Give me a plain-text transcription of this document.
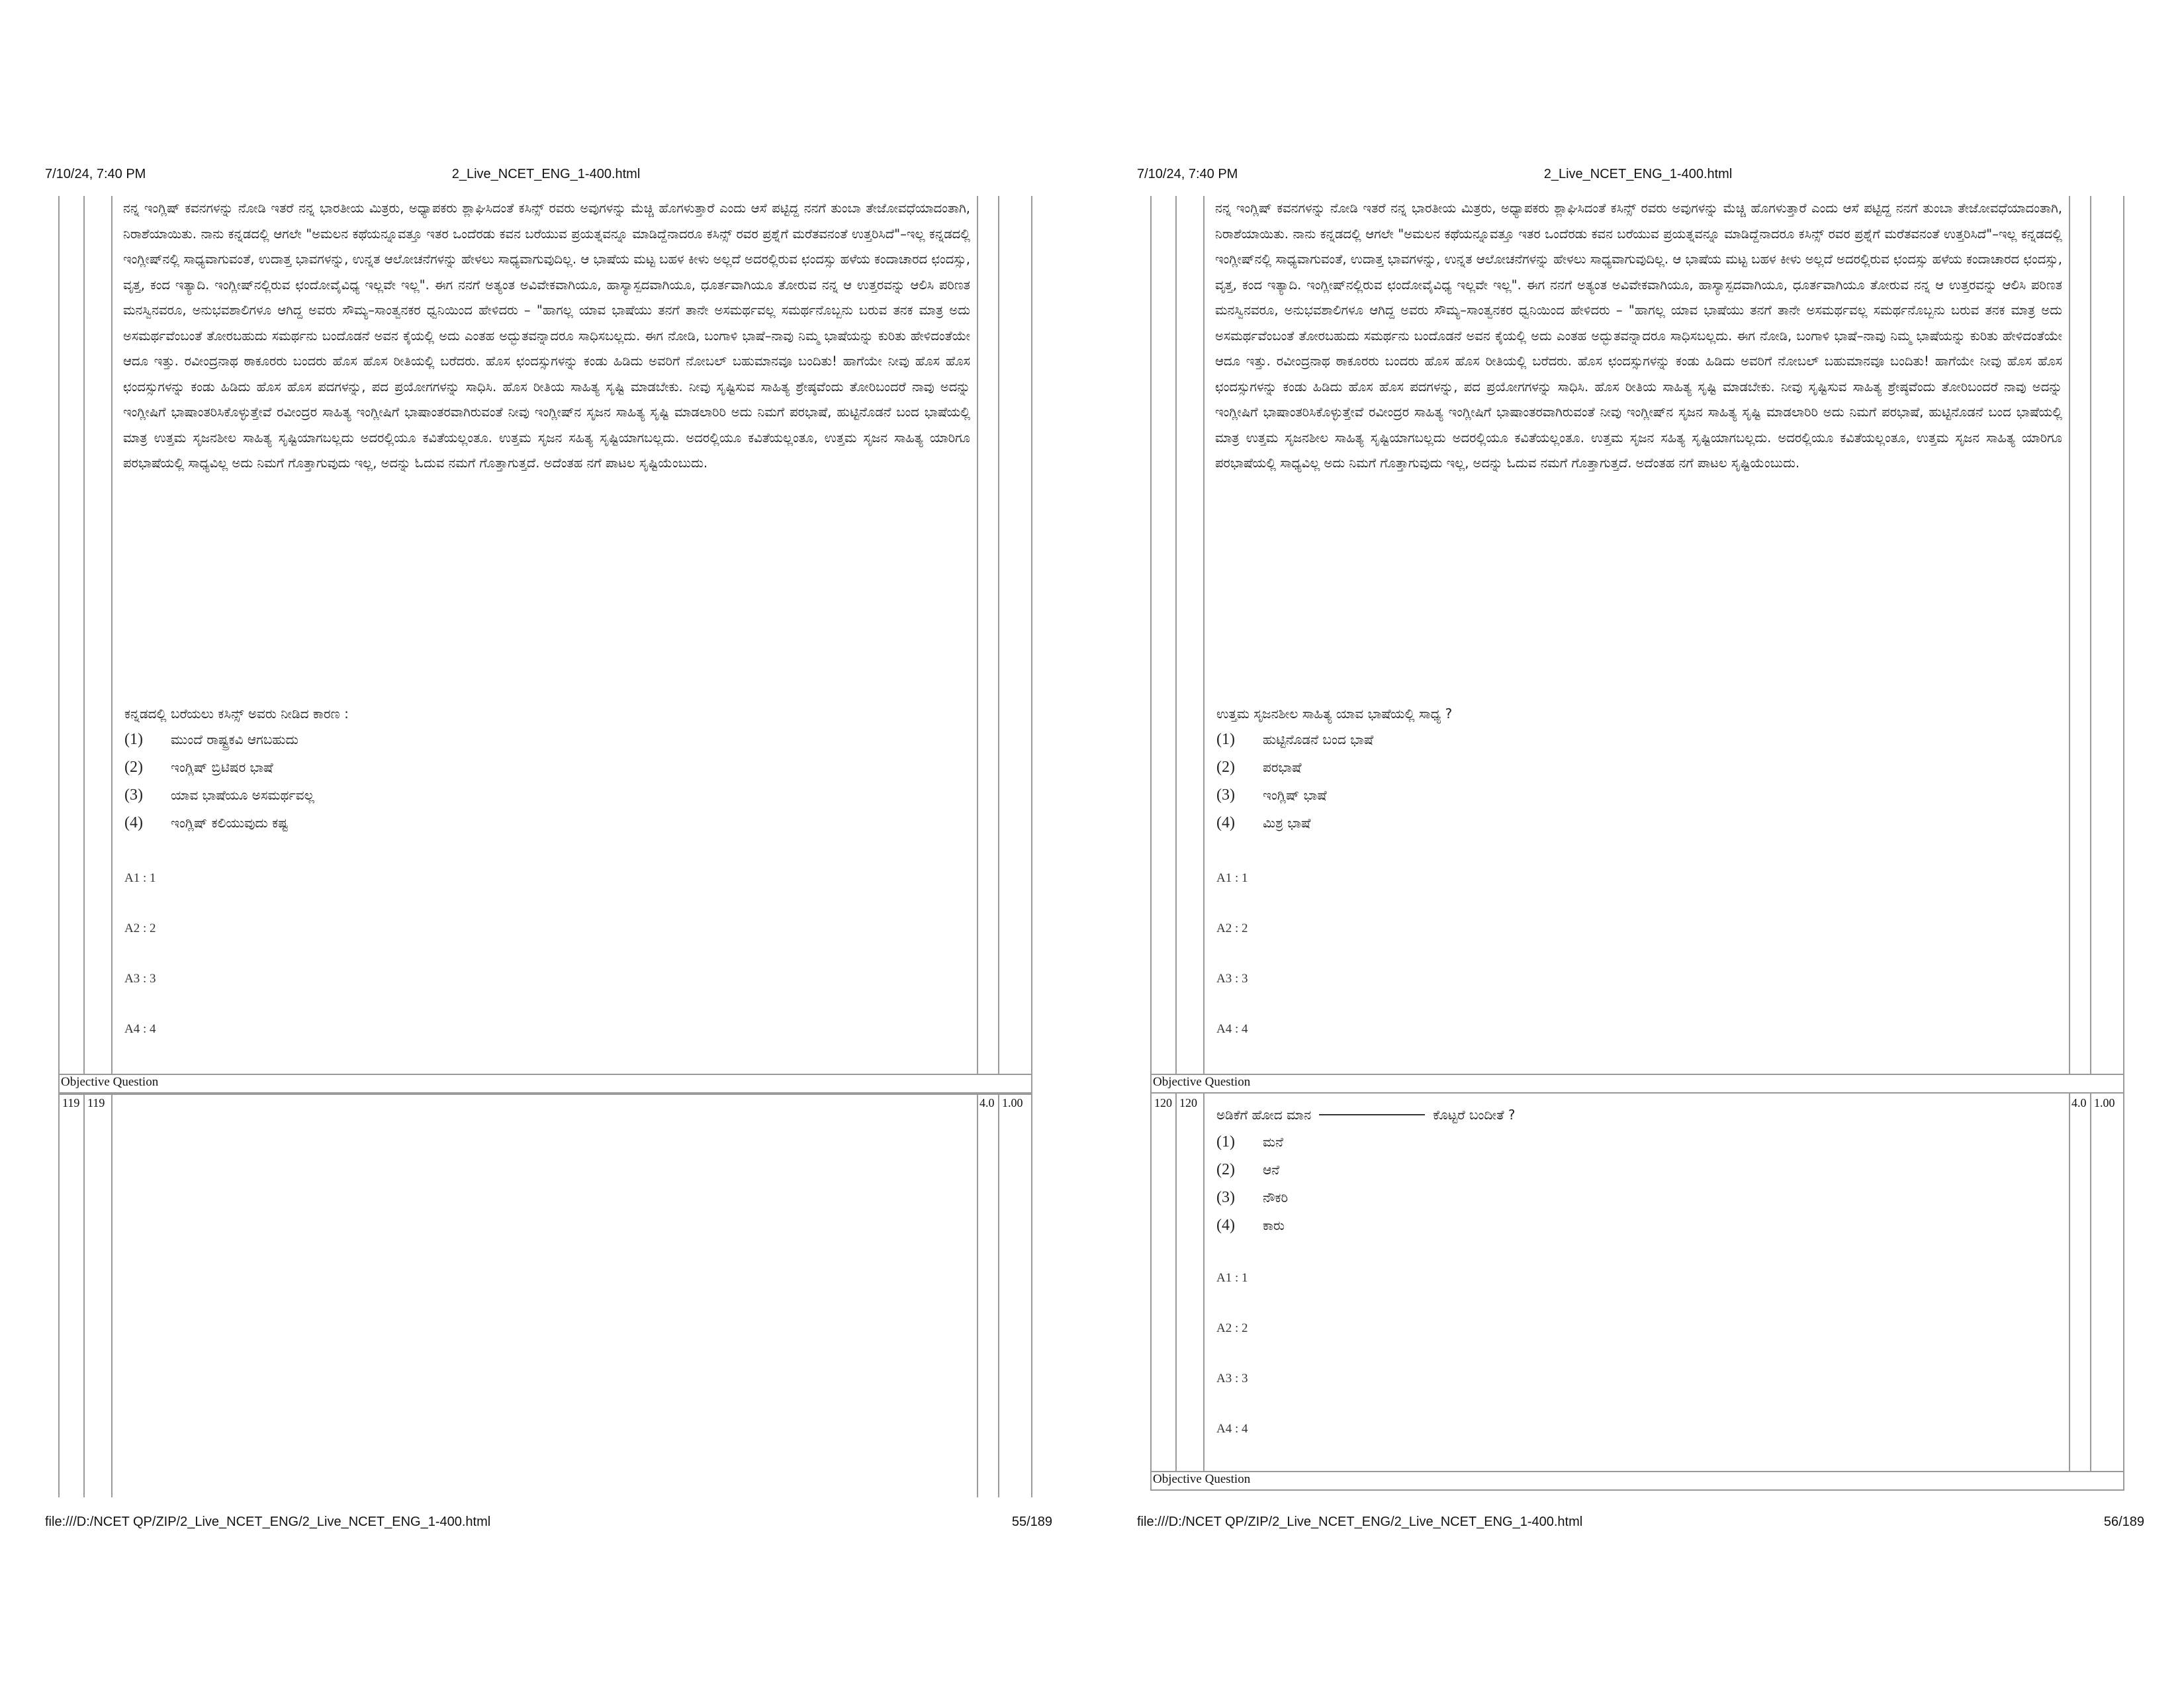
7/10/24, 7:40 PM	2_Live_NCET_ENG_1-400.html

ನನ್ನ ಇಂಗ್ಲಿಷ್ ಕವನಗಳನ್ನು ನೋಡಿ ಇತರೆ ನನ್ನ ಭಾರತೀಯ ಮಿತ್ರರು, ಅಧ್ಯಾಪಕರು ಶ್ಲಾಘಿಸಿದಂತೆ ಕಸಿನ್ಸ್ ರವರು ಅವುಗಳನ್ನು ಮೆಚ್ಚಿ ಹೊಗಳುತ್ತಾರೆ ಎಂದು ಆಸೆ ಪಟ್ಟಿದ್ದ ನನಗೆ ತುಂಬಾ ತೇಜೋವಧೆಯಾದಂತಾಗಿ, ನಿರಾಶೆಯಾಯಿತು. ನಾನು ಕನ್ನಡದಲ್ಲಿ ಆಗಲೇ "ಅಮಲನ ಕಥೆಯನ್ನೂವತ್ತೂ ಇತರ ಒಂದೆರಡು ಕವನ ಬರೆಯುವ ಪ್ರಯತ್ನವನ್ನೂ ಮಾಡಿದ್ದೆನಾದರೂ ಕಸಿನ್ಸ್ ರವರ ಪ್ರಶ್ನೆಗೆ ಮರೆತವನಂತೆ ಉತ್ತರಿಸಿದೆ"–ಇಲ್ಲ ಕನ್ನಡದಲ್ಲಿ ಇಂಗ್ಲೀಷ್‌ನಲ್ಲಿ ಸಾಧ್ಯವಾಗುವಂತೆ, ಉದಾತ್ತ ಭಾವಗಳನ್ನು, ಉನ್ನತ ಆಲೋಚನೆಗಳನ್ನು ಹೇಳಲು ಸಾಧ್ಯವಾಗುವುದಿಲ್ಲ. ಆ ಭಾಷೆಯ ಮಟ್ಟ ಬಹಳ ಕೀಳು ಅಲ್ಲದೆ ಅದರಲ್ಲಿರುವ ಛಂದಸ್ಸು ಹಳೆಯ ಕಂದಾಚಾರದ ಛಂದಸ್ಸು, ವೃತ್ತ, ಕಂದ ಇತ್ಯಾದಿ. ಇಂಗ್ಲೀಷ್‌ನಲ್ಲಿರುವ ಛಂದೋವೈವಿಧ್ಯ ಇಲ್ಲವೇ ಇಲ್ಲ". ಈಗ ನನಗೆ ಅತ್ಯಂತ ಅವಿವೇಕವಾಗಿಯೂ, ಹಾಸ್ಯಾಸ್ಪದವಾಗಿಯೂ, ಧೂರ್ತವಾಗಿಯೂ ತೋರುವ ನನ್ನ ಆ ಉತ್ತರವನ್ನು ಆಲಿಸಿ ಪರಿಣತ ಮನಸ್ವಿನವರೂ, ಅನುಭವಶಾಲಿಗಳೂ ಆಗಿದ್ದ ಅವರು ಸೌಮ್ಯ–ಸಾಂತ್ವನಕರ ಧ್ವನಿಯಿಂದ ಹೇಳಿದರು – "ಹಾಗಲ್ಲ ಯಾವ ಭಾಷೆಯು ತನಗೆ ತಾನೇ ಅಸಮರ್ಥವಲ್ಲ ಸಮರ್ಥನೊಬ್ಬನು ಬರುವ ತನಕ ಮಾತ್ರ ಅದು ಅಸಮರ್ಥವೆಂಬಂತೆ ತೋರಬಹುದು ಸಮರ್ಥನು ಬಂದೊಡನೆ ಅವನ ಕೈಯಲ್ಲಿ ಅದು ಎಂತಹ ಅದ್ಭುತವನ್ನಾದರೂ ಸಾಧಿಸಬಲ್ಲದು. ಈಗ ನೋಡಿ, ಬಂಗಾಳಿ ಭಾಷೆ–ನಾವು ನಿಮ್ಮ ಭಾಷೆಯನ್ನು ಕುರಿತು ಹೇಳಿದಂತೆಯೇ ಆದೂ ಇತ್ತು. ರವೀಂದ್ರನಾಥ ಠಾಕೂರರು ಬಂದರು ಹೊಸ ಹೊಸ ರೀತಿಯಲ್ಲಿ ಬರೆದರು. ಹೊಸ ಛಂದಸ್ಸುಗಳನ್ನು ಕಂಡು ಹಿಡಿದು ಅವರಿಗೆ ನೋಬಲ್ ಬಹುಮಾನವೂ ಬಂದಿತು! ಹಾಗೆಯೇ ನೀವು ಹೊಸ ಹೊಸ ಛಂದಸ್ಸುಗಳನ್ನು ಕಂಡು ಹಿಡಿದು ಹೊಸ ಹೊಸ ಪದಗಳನ್ನು, ಪದ ಪ್ರಯೋಗಗಳನ್ನು ಸಾಧಿಸಿ. ಹೊಸ ರೀತಿಯ ಸಾಹಿತ್ಯ ಸೃಷ್ಟಿ ಮಾಡಬೇಕು. ನೀವು ಸೃಷ್ಟಿಸುವ ಸಾಹಿತ್ಯ ಶ್ರೇಷ್ಠವೆಂದು ತೋರಿಬಂದರೆ ನಾವು ಅದನ್ನು ಇಂಗ್ಲೀಷಿಗೆ ಭಾಷಾಂತರಿಸಿಕೊಳ್ಳುತ್ತೇವೆ ರವೀಂದ್ರರ ಸಾಹಿತ್ಯ ಇಂಗ್ಲೀಷಿಗೆ ಭಾಷಾಂತರವಾಗಿರುವಂತೆ ನೀವು ಇಂಗ್ಲೀಷ್‌ನ ಸೃಜನ ಸಾಹಿತ್ಯ ಸೃಷ್ಟಿ ಮಾಡಲಾರಿರಿ ಅದು ನಿಮಗೆ ಪರಭಾಷೆ, ಹುಟ್ಟಿನೊಡನೆ ಬಂದ ಭಾಷೆಯಲ್ಲಿ ಮಾತ್ರ ಉತ್ತಮ ಸೃಜನಶೀಲ ಸಾಹಿತ್ಯ ಸೃಷ್ಟಿಯಾಗಬಲ್ಲದು ಅದರಲ್ಲಿಯೂ ಕವಿತೆಯಲ್ಲಂತೂ. ಉತ್ತಮ ಸೃಜನ ಸಹಿತ್ಯ ಸೃಷ್ಟಿಯಾಗಬಲ್ಲದು. ಅದರಲ್ಲಿಯೂ ಕವಿತೆಯಲ್ಲಂತೂ, ಉತ್ತಮ ಸೃಜನ ಸಾಹಿತ್ಯ ಯಾರಿಗೂ ಪರಭಾಷೆಯಲ್ಲಿ ಸಾಧ್ಯವಿಲ್ಲ ಅದು ನಿಮಗೆ ಗೊತ್ತಾಗುವುದು ಇಲ್ಲ, ಅದನ್ನು ಓದುವ ನಮಗೆ ಗೊತ್ತಾಗುತ್ತದೆ. ಅದೆಂತಹ ನಗೆ ಪಾಟಲ ಸೃಷ್ಟಿಯೆಂಬುದು.

ಕನ್ನಡದಲ್ಲಿ ಬರೆಯಲು ಕಸಿನ್ಸ್ ಅವರು ನೀಡಿದ ಕಾರಣ :
(1)	ಮುಂದೆ ರಾಷ್ಟ್ರಕವಿ ಆಗಬಹುದು
(2)	ಇಂಗ್ಲಿಷ್ ಬ್ರಿಟಿಷರ ಭಾಷೆ
(3)	ಯಾವ ಭಾಷೆಯೂ ಅಸಮರ್ಥವಲ್ಲ
(4)	ಇಂಗ್ಲಿಷ್ ಕಲಿಯುವುದು ಕಷ್ಟ
A1 : 1
A2 : 2
A3 : 3
A4 : 4
Objective Question
119 119	4.0 1.00
file:///D:/NCET QP/ZIP/2_Live_NCET_ENG/2_Live_NCET_ENG_1-400.html	55/189
7/10/24, 7:40 PM	2_Live_NCET_ENG_1-400.html

ನನ್ನ ಇಂಗ್ಲಿಷ್ ಕವನಗಳನ್ನು ನೋಡಿ ಇತರೆ ನನ್ನ ಭಾರತೀಯ ಮಿತ್ರರು, ಅಧ್ಯಾಪಕರು ಶ್ಲಾಘಿಸಿದಂತೆ ಕಸಿನ್ಸ್ ರವರು ಅವುಗಳನ್ನು ಮೆಚ್ಚಿ ಹೊಗಳುತ್ತಾರೆ ಎಂದು ಆಸೆ ಪಟ್ಟಿದ್ದ ನನಗೆ ತುಂಬಾ ತೇಜೋವಧೆಯಾದಂತಾಗಿ, ನಿರಾಶೆಯಾಯಿತು. ನಾನು ಕನ್ನಡದಲ್ಲಿ ಆಗಲೇ "ಅಮಲನ ಕಥೆಯನ್ನೂವತ್ತೂ ಇತರ ಒಂದೆರಡು ಕವನ ಬರೆಯುವ ಪ್ರಯತ್ನವನ್ನೂ ಮಾಡಿದ್ದೆನಾದರೂ ಕಸಿನ್ಸ್ ರವರ ಪ್ರಶ್ನೆಗೆ ಮರೆತವನಂತೆ ಉತ್ತರಿಸಿದೆ"–ಇಲ್ಲ ಕನ್ನಡದಲ್ಲಿ ಇಂಗ್ಲೀಷ್‌ನಲ್ಲಿ ಸಾಧ್ಯವಾಗುವಂತೆ, ಉದಾತ್ತ ಭಾವಗಳನ್ನು, ಉನ್ನತ ಆಲೋಚನೆಗಳನ್ನು ಹೇಳಲು ಸಾಧ್ಯವಾಗುವುದಿಲ್ಲ. ಆ ಭಾಷೆಯ ಮಟ್ಟ ಬಹಳ ಕೀಳು ಅಲ್ಲದೆ ಅದರಲ್ಲಿರುವ ಛಂದಸ್ಸು ಹಳೆಯ ಕಂದಾಚಾರದ ಛಂದಸ್ಸು, ವೃತ್ತ, ಕಂದ ಇತ್ಯಾದಿ. ಇಂಗ್ಲೀಷ್‌ನಲ್ಲಿರುವ ಛಂದೋವೈವಿಧ್ಯ ಇಲ್ಲವೇ ಇಲ್ಲ". ಈಗ ನನಗೆ ಅತ್ಯಂತ ಅವಿವೇಕವಾಗಿಯೂ, ಹಾಸ್ಯಾಸ್ಪದವಾಗಿಯೂ, ಧೂರ್ತವಾಗಿಯೂ ತೋರುವ ನನ್ನ ಆ ಉತ್ತರವನ್ನು ಆಲಿಸಿ ಪರಿಣತ ಮನಸ್ವಿನವರೂ, ಅನುಭವಶಾಲಿಗಳೂ ಆಗಿದ್ದ ಅವರು ಸೌಮ್ಯ–ಸಾಂತ್ವನಕರ ಧ್ವನಿಯಿಂದ ಹೇಳಿದರು – "ಹಾಗಲ್ಲ ಯಾವ ಭಾಷೆಯು ತನಗೆ ತಾನೇ ಅಸಮರ್ಥವಲ್ಲ ಸಮರ್ಥನೊಬ್ಬನು ಬರುವ ತನಕ ಮಾತ್ರ ಅದು ಅಸಮರ್ಥವೆಂಬಂತೆ ತೋರಬಹುದು ಸಮರ್ಥನು ಬಂದೊಡನೆ ಅವನ ಕೈಯಲ್ಲಿ ಅದು ಎಂತಹ ಅದ್ಭುತವನ್ನಾದರೂ ಸಾಧಿಸಬಲ್ಲದು. ಈಗ ನೋಡಿ, ಬಂಗಾಳಿ ಭಾಷೆ–ನಾವು ನಿಮ್ಮ ಭಾಷೆಯನ್ನು ಕುರಿತು ಹೇಳಿದಂತೆಯೇ ಆದೂ ಇತ್ತು. ರವೀಂದ್ರನಾಥ ಠಾಕೂರರು ಬಂದರು ಹೊಸ ಹೊಸ ರೀತಿಯಲ್ಲಿ ಬರೆದರು. ಹೊಸ ಛಂದಸ್ಸುಗಳನ್ನು ಕಂಡು ಹಿಡಿದು ಅವರಿಗೆ ನೋಬಲ್ ಬಹುಮಾನವೂ ಬಂದಿತು! ಹಾಗೆಯೇ ನೀವು ಹೊಸ ಹೊಸ ಛಂದಸ್ಸುಗಳನ್ನು ಕಂಡು ಹಿಡಿದು ಹೊಸ ಹೊಸ ಪದಗಳನ್ನು, ಪದ ಪ್ರಯೋಗಗಳನ್ನು ಸಾಧಿಸಿ. ಹೊಸ ರೀತಿಯ ಸಾಹಿತ್ಯ ಸೃಷ್ಟಿ ಮಾಡಬೇಕು. ನೀವು ಸೃಷ್ಟಿಸುವ ಸಾಹಿತ್ಯ ಶ್ರೇಷ್ಠವೆಂದು ತೋರಿಬಂದರೆ ನಾವು ಅದನ್ನು ಇಂಗ್ಲೀಷಿಗೆ ಭಾಷಾಂತರಿಸಿಕೊಳ್ಳುತ್ತೇವೆ ರವೀಂದ್ರರ ಸಾಹಿತ್ಯ ಇಂಗ್ಲೀಷಿಗೆ ಭಾಷಾಂತರವಾಗಿರುವಂತೆ ನೀವು ಇಂಗ್ಲೀಷ್‌ನ ಸೃಜನ ಸಾಹಿತ್ಯ ಸೃಷ್ಟಿ ಮಾಡಲಾರಿರಿ ಅದು ನಿಮಗೆ ಪರಭಾಷೆ, ಹುಟ್ಟಿನೊಡನೆ ಬಂದ ಭಾಷೆಯಲ್ಲಿ ಮಾತ್ರ ಉತ್ತಮ ಸೃಜನಶೀಲ ಸಾಹಿತ್ಯ ಸೃಷ್ಟಿಯಾಗಬಲ್ಲದು ಅದರಲ್ಲಿಯೂ ಕವಿತೆಯಲ್ಲಂತೂ. ಉತ್ತಮ ಸೃಜನ ಸಹಿತ್ಯ ಸೃಷ್ಟಿಯಾಗಬಲ್ಲದು. ಅದರಲ್ಲಿಯೂ ಕವಿತೆಯಲ್ಲಂತೂ, ಉತ್ತಮ ಸೃಜನ ಸಾಹಿತ್ಯ ಯಾರಿಗೂ ಪರಭಾಷೆಯಲ್ಲಿ ಸಾಧ್ಯವಿಲ್ಲ ಅದು ನಿಮಗೆ ಗೊತ್ತಾಗುವುದು ಇಲ್ಲ, ಅದನ್ನು ಓದುವ ನಮಗೆ ಗೊತ್ತಾಗುತ್ತದೆ. ಅದೆಂತಹ ನಗೆ ಪಾಟಲ ಸೃಷ್ಟಿಯೆಂಬುದು.

ಉತ್ತಮ ಸೃಜನಶೀಲ ಸಾಹಿತ್ಯ ಯಾವ ಭಾಷೆಯಲ್ಲಿ ಸಾಧ್ಯ ?
(1)	ಹುಟ್ಟಿನೊಡನೆ ಬಂದ ಭಾಷೆ
(2)	ಪರಭಾಷೆ
(3)	ಇಂಗ್ಲಿಷ್ ಭಾಷೆ
(4)	ಮಿಶ್ರ ಭಾಷೆ
A1 : 1
A2 : 2
A3 : 3
A4 : 4
Objective Question
120 120	4.0 1.00
ಅಡಿಕೆಗೆ ಹೋದ ಮಾನ	ಕೊಟ್ಟರೆ ಬಂದೀತೆ ?
(1)	ಮನೆ
(2)	ಆನೆ
(3)	ನೌಕರಿ
(4)	ಕಾರು
A1 : 1
A2 : 2
A3 : 3
A4 : 4
Objective Question
file:///D:/NCET QP/ZIP/2_Live_NCET_ENG/2_Live_NCET_ENG_1-400.html	56/189
